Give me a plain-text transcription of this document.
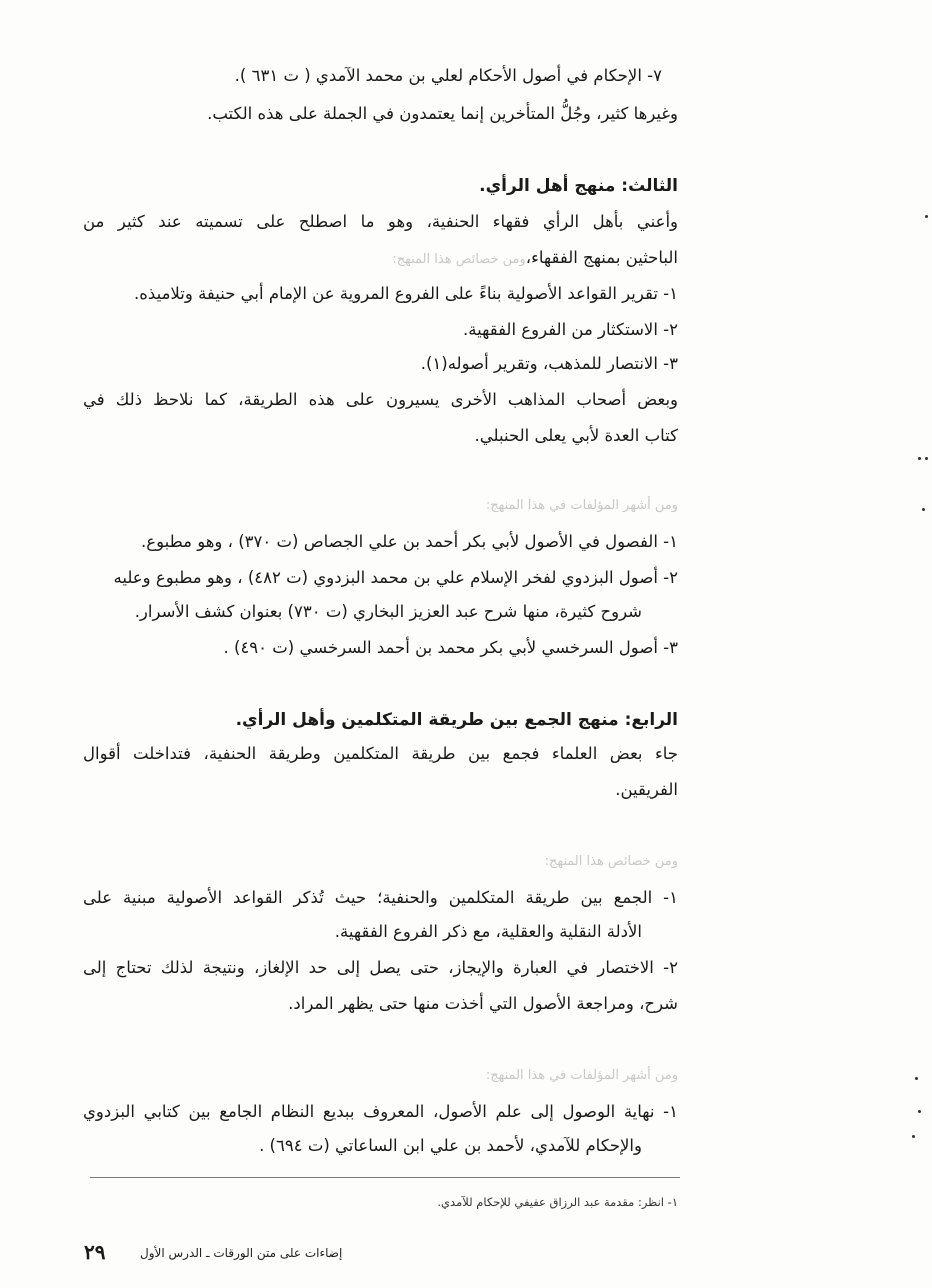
٧- الإحكام في أصول الأحكام لعلي بن محمد الآمدي ( ت ٦٣١ ).
وغيرها كثير، وجُلُّ المتأخرين إنما يعتمدون في الجملة على هذه الكتب.
الثالث: منهج أهل الرأي.
وأعني بأهل الرأي فقهاء الحنفية، وهو ما اصطلح على تسميته عند كثير من
الباحثين بمنهج الفقهاء،ومن خصائص هذا المنهج:
١- تقرير القواعد الأصولية بناءً على الفروع المروية عن الإمام أبي حنيفة وتلاميذه.
٢- الاستكثار من الفروع الفقهية.
٣- الانتصار للمذهب، وتقرير أصوله(١).
وبعض أصحاب المذاهب الأخرى يسيرون على هذه الطريقة، كما نلاحظ ذلك في
كتاب العدة لأبي يعلى الحنبلي.
ومن أشهر المؤلفات في هذا المنهج:
١- الفصول في الأصول لأبي بكر أحمد بن علي الجصاص (ت ٣٧٠) ، وهو مطبوع.
٢- أصول البزدوي لفخر الإسلام علي بن محمد البزدوي (ت ٤٨٢) ، وهو مطبوع وعليه
شروح كثيرة، منها شرح عبد العزيز البخاري (ت ٧٣٠) بعنوان كشف الأسرار.
٣- أصول السرخسي لأبي بكر محمد بن أحمد السرخسي (ت ٤٩٠) .
الرابع: منهج الجمع بين طريقة المتكلمين وأهل الرأي.
جاء بعض العلماء فجمع بين طريقة المتكلمين وطريقة الحنفية، فتداخلت أقوال
الفريقين.
ومن خصائص هذا المنهج:
١- الجمع بين طريقة المتكلمين والحنفية؛ حيث تُذكر القواعد الأصولية مبنية على
الأدلة النقلية والعقلية، مع ذكر الفروع الفقهية.
٢- الاختصار في العبارة والإيجاز، حتى يصل إلى حد الإلغاز، ونتيجة لذلك تحتاج إلى
شرح، ومراجعة الأصول التي أخذت منها حتى يظهر المراد.
ومن أشهر المؤلفات في هذا المنهج:
١- نهاية الوصول إلى علم الأصول، المعروف ببديع النظام الجامع بين كتابي البزدوي
والإحكام للآمدي، لأحمد بن علي ابن الساعاتي (ت ٦٩٤) .
١- انظر: مقدمة عبد الرزاق عفيفي للإحكام للآمدي.
٢٩	إضاءات على متن الورقات ـ الدرس الأول
